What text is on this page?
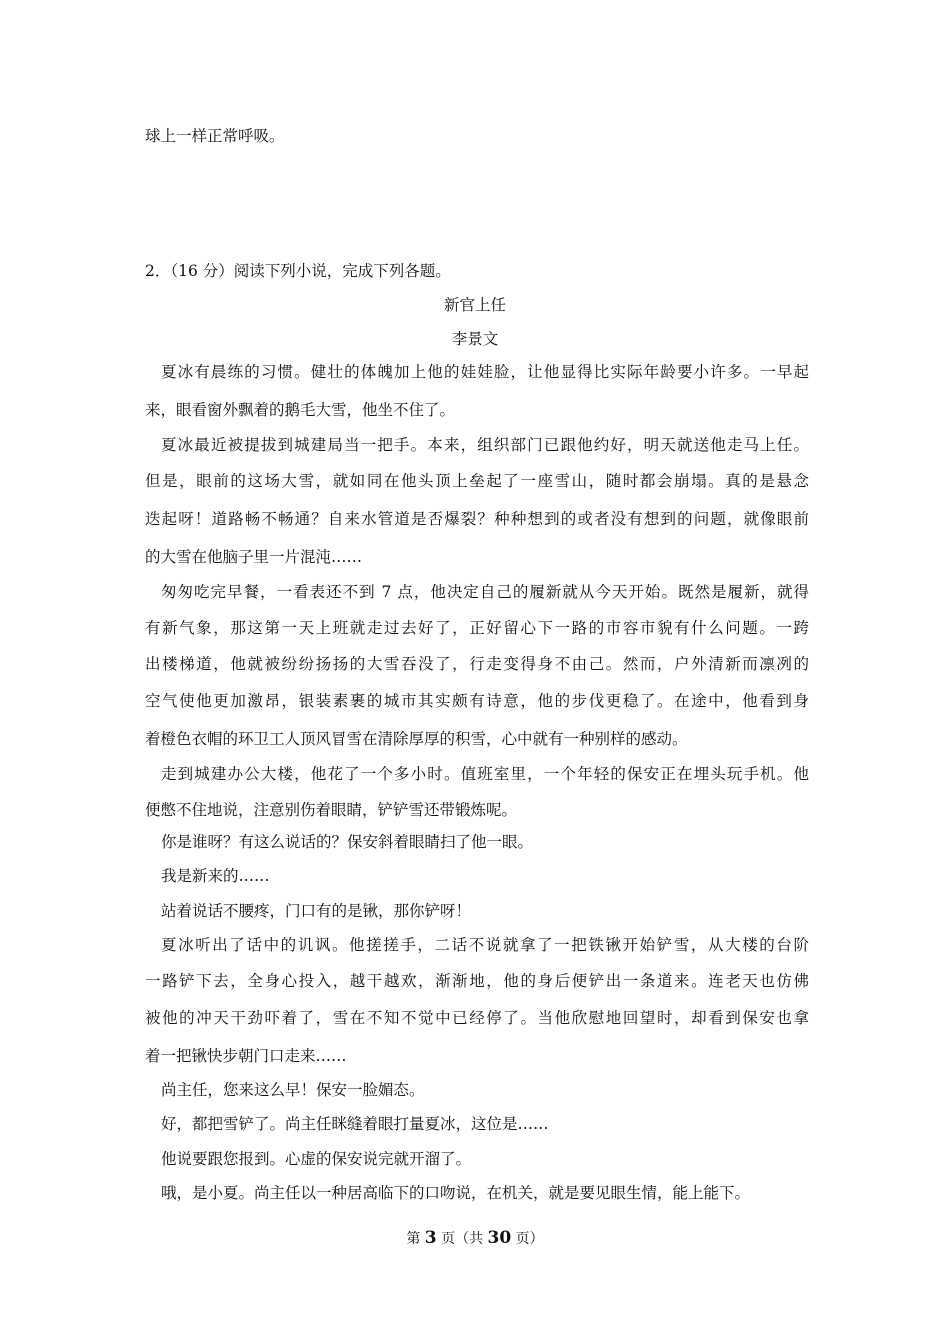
球上一样正常呼吸。
2．（16 分）阅读下列小说，完成下列各题。
新官上任
李景文
夏冰有晨练的习惯。健壮的体魄加上他的娃娃脸，让他显得比实际年龄要小许多。一早起
来，眼看窗外飘着的鹅毛大雪，他坐不住了。
夏冰最近被提拔到城建局当一把手。本来，组织部门已跟他约好，明天就送他走马上任。
但是，眼前的这场大雪，就如同在他头顶上垒起了一座雪山，随时都会崩塌。真的是悬念
迭起呀！道路畅不畅通？自来水管道是否爆裂？种种想到的或者没有想到的问题，就像眼前
的大雪在他脑子里一片混沌……
匆匆吃完早餐，一看表还不到 7 点，他决定自己的履新就从今天开始。既然是履新，就得
有新气象，那这第一天上班就走过去好了，正好留心下一路的市容市貌有什么问题。一跨
出楼梯道，他就被纷纷扬扬的大雪吞没了，行走变得身不由己。然而，户外清新而凛冽的
空气使他更加激昂，银装素裹的城市其实颇有诗意，他的步伐更稳了。在途中，他看到身
着橙色衣帽的环卫工人顶风冒雪在清除厚厚的积雪，心中就有一种别样的感动。
走到城建办公大楼，他花了一个多小时。值班室里，一个年轻的保安正在埋头玩手机。他
便憋不住地说，注意别伤着眼睛，铲铲雪还带锻炼呢。
你是谁呀？有这么说话的？保安斜着眼睛扫了他一眼。
我是新来的……
站着说话不腰疼，门口有的是锹，那你铲呀！
夏冰听出了话中的讥讽。他搓搓手，二话不说就拿了一把铁锹开始铲雪，从大楼的台阶
一路铲下去，全身心投入，越干越欢，渐渐地，他的身后便铲出一条道来。连老天也仿佛
被他的冲天干劲吓着了，雪在不知不觉中已经停了。当他欣慰地回望时，却看到保安也拿
着一把锹快步朝门口走来……
尚主任，您来这么早！保安一脸媚态。
好，都把雪铲了。尚主任眯缝着眼打量夏冰，这位是……
他说要跟您报到。心虚的保安说完就开溜了。
哦，是小夏。尚主任以一种居高临下的口吻说，在机关，就是要见眼生情，能上能下。
第 3 页（共 30 页）
